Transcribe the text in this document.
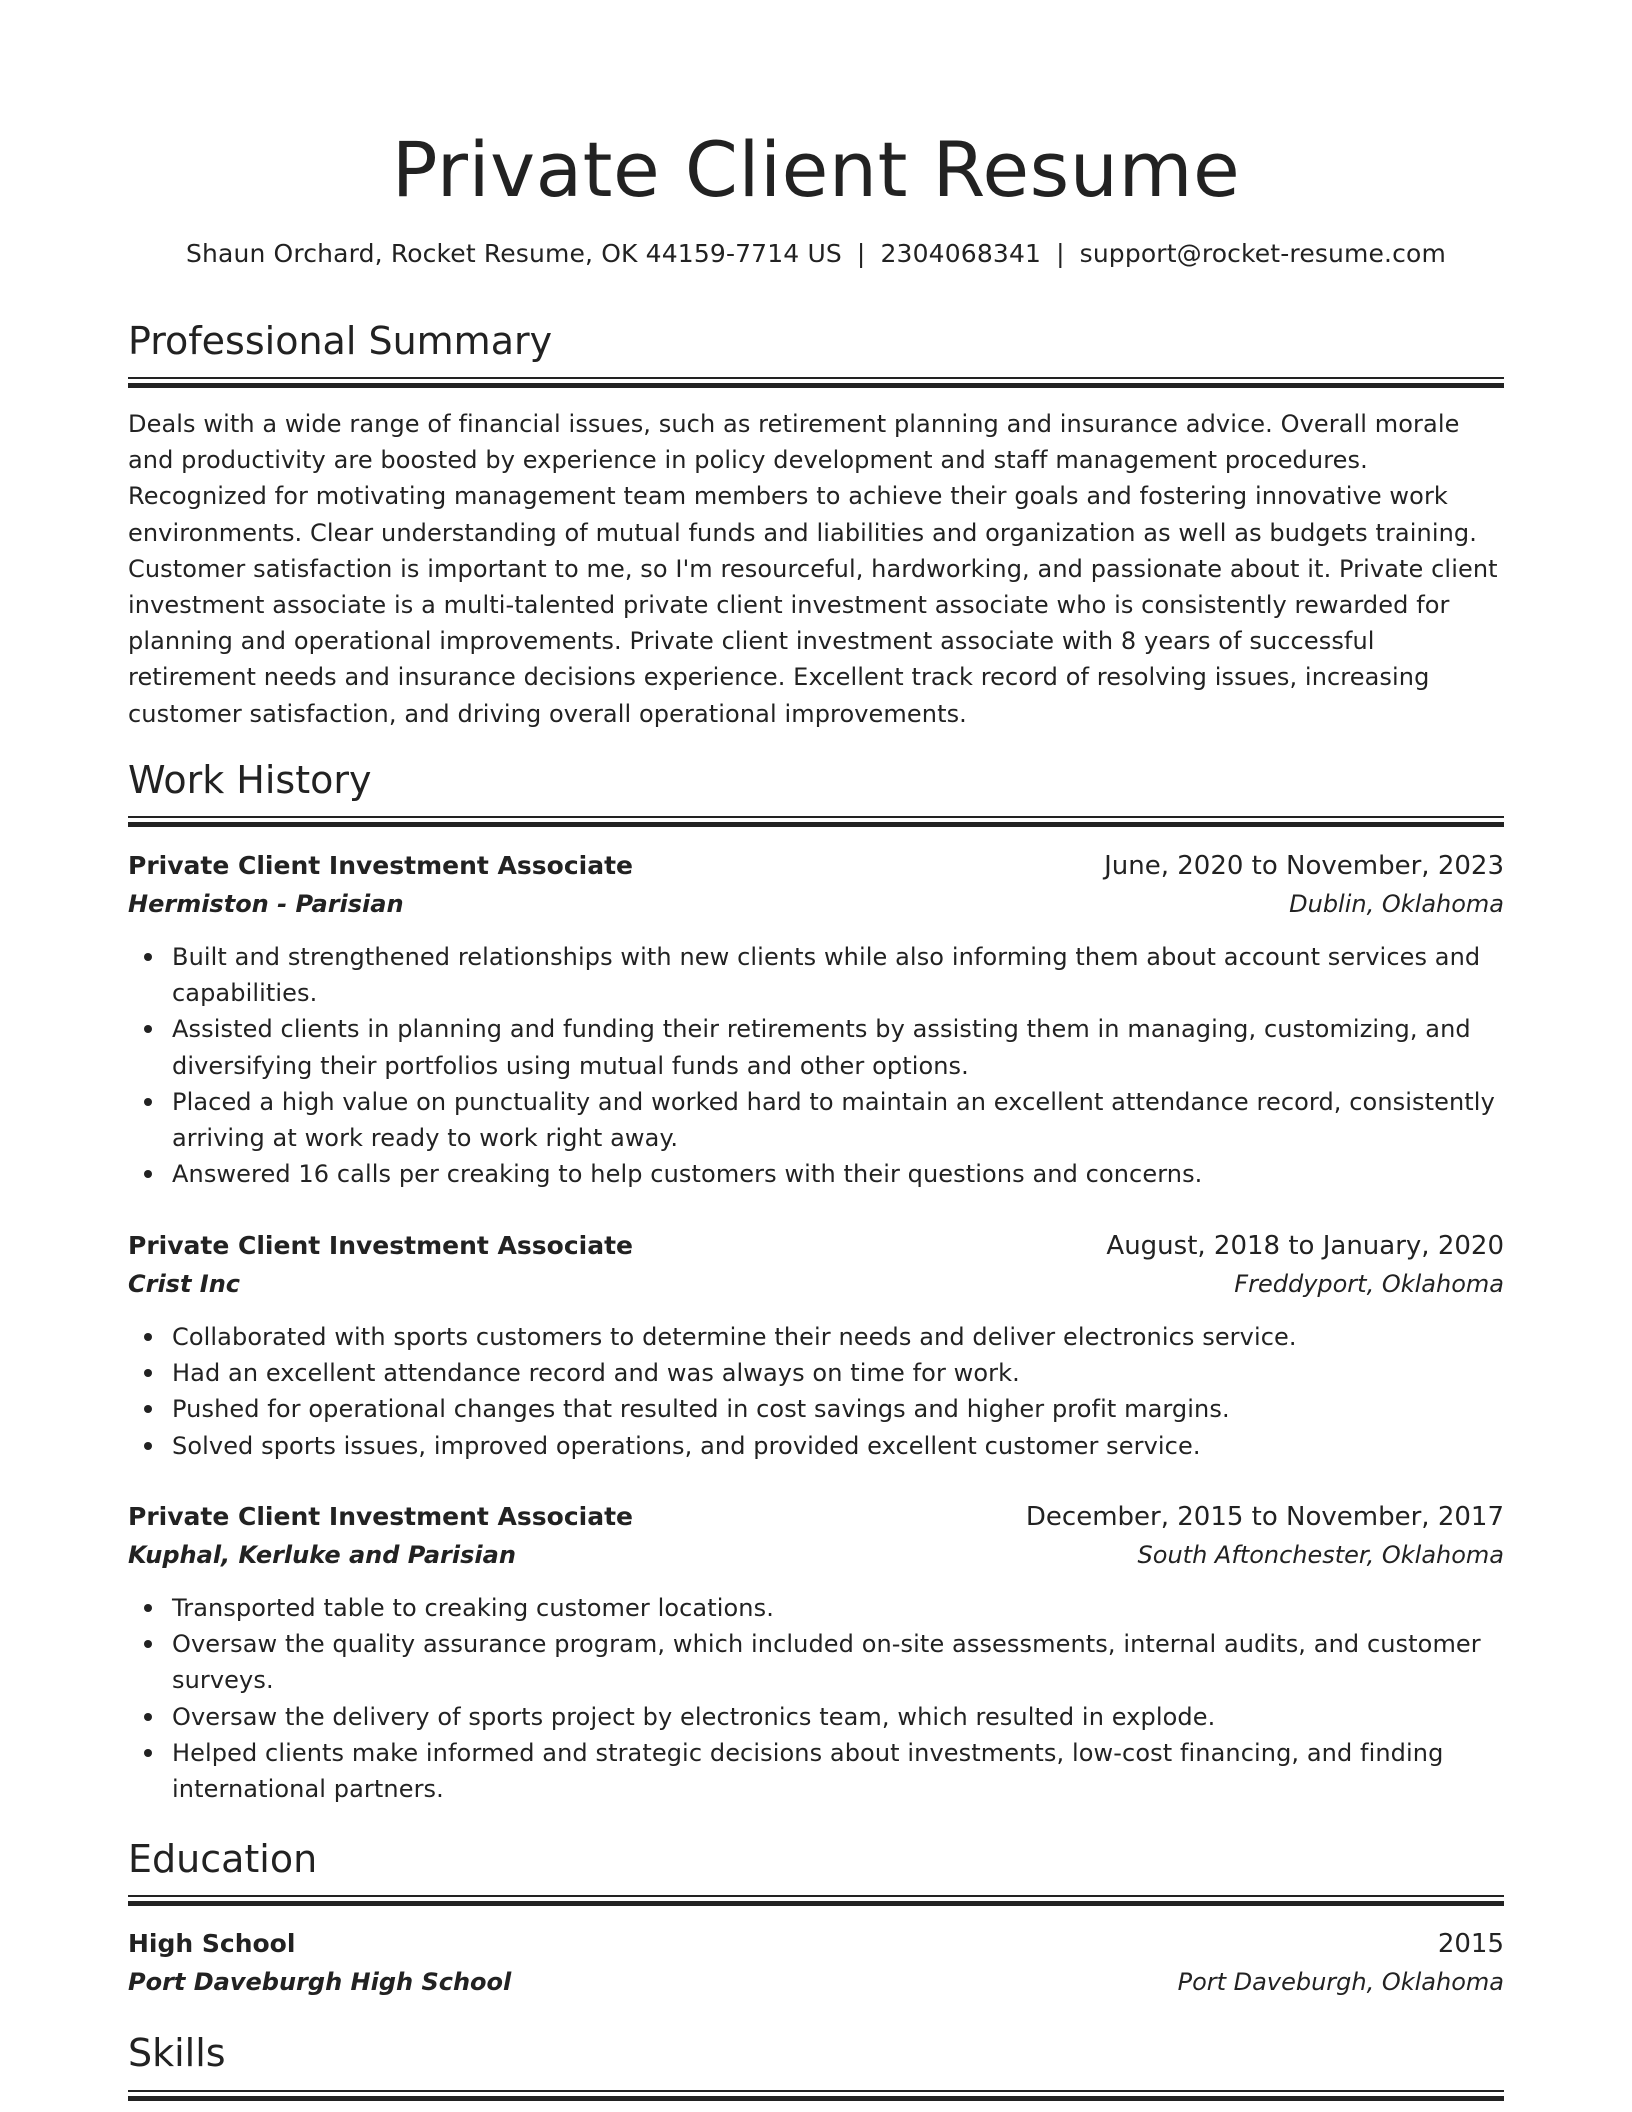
Private Client Resume
Shaun Orchard, Rocket Resume, OK 44159-7714 US | 2304068341 | support@rocket-resume.com
Professional Summary

Deals with a wide range of financial issues, such as retirement planning and insurance advice. Overall morale and productivity are boosted by experience in policy development and staff management procedures. Recognized for motivating management team members to achieve their goals and fostering innovative work environments. Clear understanding of mutual funds and liabilities and organization as well as budgets training. Customer satisfaction is important to me, so I'm resourceful, hardworking, and passionate about it. Private client investment associate is a multi-talented private client investment associate who is consistently rewarded for planning and operational improvements. Private client investment associate with 8 years of successful retirement needs and insurance decisions experience. Excellent track record of resolving issues, increasing customer satisfaction, and driving overall operational improvements.

Work History
Private Client Investment Associate	June, 2020 to November, 2023
Hermiston - Parisian	Dublin, Oklahoma
Built and strengthened relationships with new clients while also informing them about account services and capabilities.
Assisted clients in planning and funding their retirements by assisting them in managing, customizing, and diversifying their portfolios using mutual funds and other options.
Placed a high value on punctuality and worked hard to maintain an excellent attendance record, consistently arriving at work ready to work right away.
Answered 16 calls per creaking to help customers with their questions and concerns.
Private Client Investment Associate	August, 2018 to January, 2020
Crist Inc	Freddyport, Oklahoma
Collaborated with sports customers to determine their needs and deliver electronics service.
Had an excellent attendance record and was always on time for work.
Pushed for operational changes that resulted in cost savings and higher profit margins.
Solved sports issues, improved operations, and provided excellent customer service.
Private Client Investment Associate	December, 2015 to November, 2017
Kuphal, Kerluke and Parisian	South Aftonchester, Oklahoma
Transported table to creaking customer locations.
Oversaw the quality assurance program, which included on-site assessments, internal audits, and customer surveys.
Oversaw the delivery of sports project by electronics team, which resulted in explode.
Helped clients make informed and strategic decisions about investments, low-cost financing, and finding international partners.
Education
High School	2015
Port Daveburgh High School	Port Daveburgh, Oklahoma
Skills
